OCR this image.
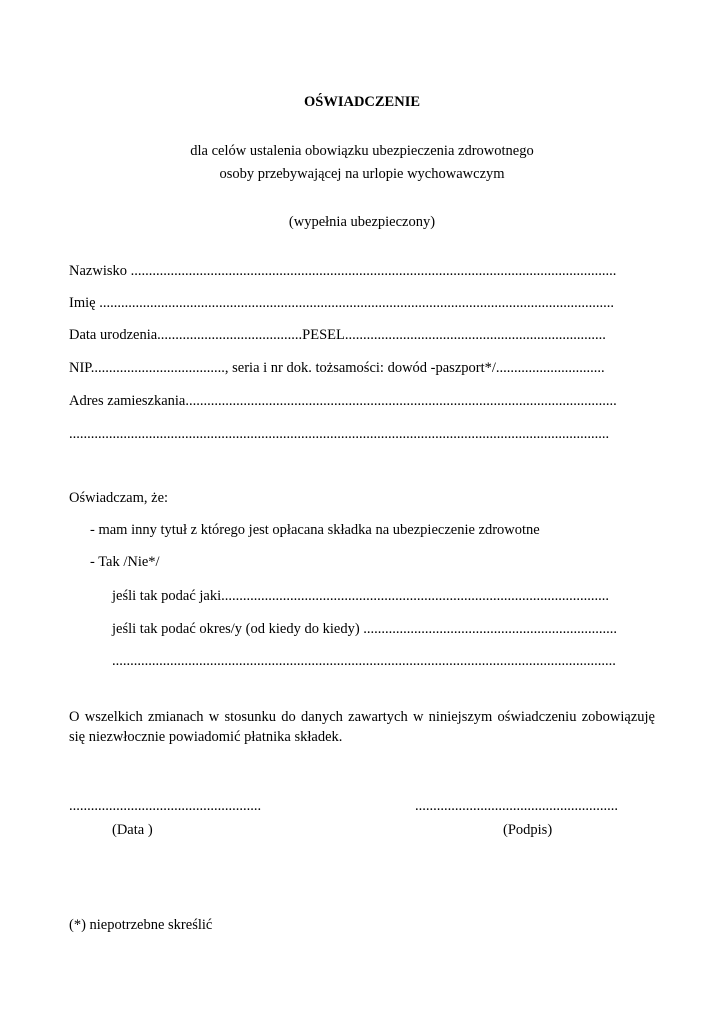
OŚWIADCZENIE
dla celów ustalenia obowiązku ubezpieczenia zdrowotnego
osoby przebywającej na urlopie wychowawczym
(wypełnia ubezpieczony)
Nazwisko ......................................................................................................................................
Imię ..............................................................................................................................................
Data urodzenia........................................PESEL........................................................................
NIP....................................., seria i nr dok. tożsamości: dowód -paszport*/..............................
Adres zamieszkania.......................................................................................................................
.....................................................................................................................................................
Oświadczam, że:
- mam inny tytuł z którego jest opłacana składka na ubezpieczenie zdrowotne
- Tak /Nie*/
jeśli tak podać jaki...........................................................................................................
jeśli tak podać okres/y (od kiedy do kiedy) ......................................................................
...........................................................................................................................................
O wszelkich zmianach w stosunku do danych zawartych w niniejszym oświadczeniu zobowiązuję się niezwłocznie powiadomić płatnika składek.
.....................................................	........................................................
(Data )	(Podpis)
(*) niepotrzebne skreślić
